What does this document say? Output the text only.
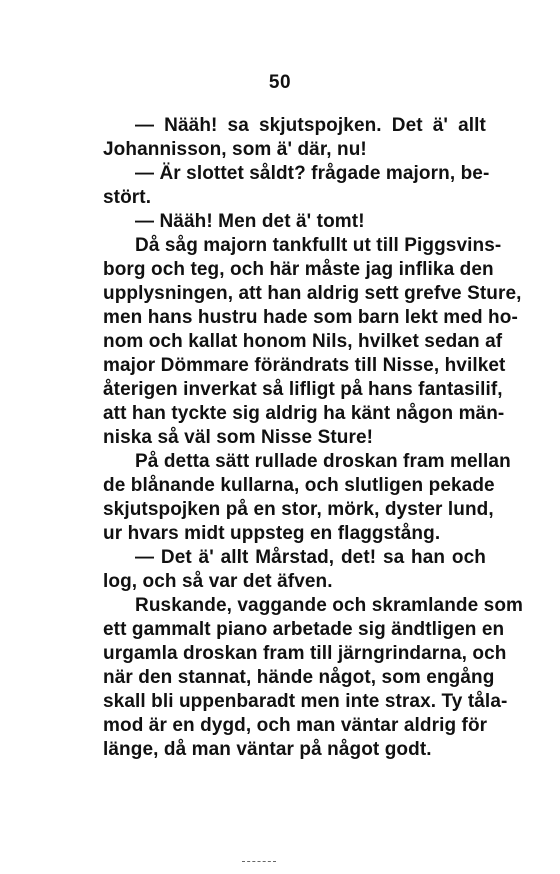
50
— Nääh! sa skjutspojken. Det ä' allt
Johannisson, som ä' där, nu!
— Är slottet såldt? frågade majorn, be-
stört.
— Nääh! Men det ä' tomt!
Då såg majorn tankfullt ut till Piggsvins-
borg och teg, och här måste jag inflika den
upplysningen, att han aldrig sett grefve Sture,
men hans hustru hade som barn lekt med ho-
nom och kallat honom Nils, hvilket sedan af
major Dömmare förändrats till Nisse, hvilket
återigen inverkat så lifligt på hans fantasilif,
att han tyckte sig aldrig ha känt någon män-
niska så väl som Nisse Sture!
På detta sätt rullade droskan fram mellan
de blånande kullarna, och slutligen pekade
skjutspojken på en stor, mörk, dyster lund,
ur hvars midt uppsteg en flaggstång.
— Det ä' allt Mårstad, det! sa han och
log, och så var det äfven.
Ruskande, vaggande och skramlande som
ett gammalt piano arbetade sig ändtligen en
urgamla droskan fram till järngrindarna, och
när den stannat, hände något, som engång
skall bli uppenbaradt men inte strax. Ty tåla-
mod är en dygd, och man väntar aldrig för
länge, då man väntar på något godt.
